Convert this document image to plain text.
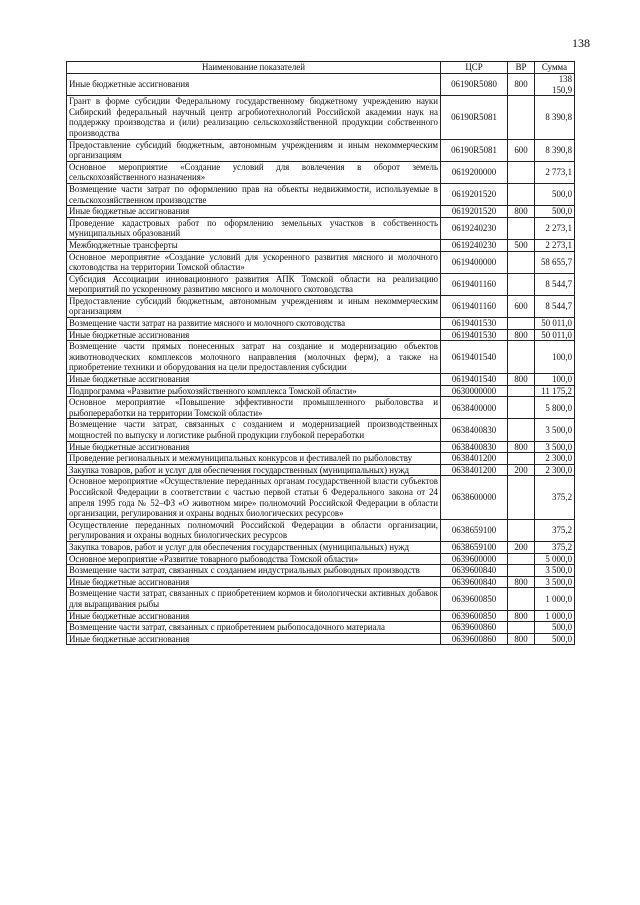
138
Наименование показателей	ЦСР	ВР	Сумма
Иные бюджетные ассигнования	06190R5080	800	138 150,9
Грант в форме субсидии Федеральному государственному бюджетному учреждению науки Сибирский федеральный научный центр агробиотехнологий Российской академии наук на поддержку производства и (или) реализацию сельскохозяйственной продукции собственного производства	06190R5081		8 390,8
Предоставление субсидий бюджетным, автономным учреждениям и иным некоммерческим организациям	06190R5081	600	8 390,8
Основное мероприятие «Создание условий для вовлечения в оборот земель сельскохозяйственного назначения»	0619200000		2 773,1
Возмещение части затрат по оформлению прав на объекты недвижимости, используемые в сельскохозяйственном производстве	0619201520		500,0
Иные бюджетные ассигнования	0619201520	800	500,0
Проведение кадастровых работ по оформлению земельных участков в собственность муниципальных образований	0619240230		2 273,1
Межбюджетные трансферты	0619240230	500	2 273,1
Основное мероприятие «Создание условий для ускоренного развития мясного и молочного скотоводства на территории Томской области»	0619400000		58 655,7
Субсидия Ассоциации инновационного развития АПК Томской области на реализацию мероприятий по ускоренному развитию мясного и молочного скотоводства	0619401160		8 544,7
Предоставление субсидий бюджетным, автономным учреждениям и иным некоммерческим организациям	0619401160	600	8 544,7
Возмещение части затрат на развитие мясного и молочного скотоводства	0619401530		50 011,0
Иные бюджетные ассигнования	0619401530	800	50 011,0
Возмещение части прямых понесенных затрат на создание и модернизацию объектов животноводческих комплексов молочного направления (молочных ферм), а также на приобретение техники и оборудования на цели предоставления субсидии	0619401540		100,0
Иные бюджетные ассигнования	0619401540	800	100,0
Подпрограмма «Развитие рыбохозяйственного комплекса Томской области»	0630000000		11 175,2
Основное мероприятие «Повышение эффективности промышленного рыболовства и рыбопереработки на территории Томской области»	0638400000		5 800,0
Возмещение части затрат, связанных с созданием и модернизацией производственных мощностей по выпуску и логистике рыбной продукции глубокой переработки	0638400830		3 500,0
Иные бюджетные ассигнования	0638400830	800	3 500,0
Проведение региональных и межмуниципальных конкурсов и фестивалей по рыболовству	0638401200		2 300,0
Закупка товаров, работ и услуг для обеспечения государственных (муниципальных) нужд	0638401200	200	2 300,0
Основное мероприятие «Осуществление переданных органам государственной власти субъектов Российской Федерации в соответствии с частью первой статьи 6 Федерального закона от 24 апреля 1995 года № 52–ФЗ «О животном мире» полномочий Российской Федерации в области организации, регулирования и охраны водных биологических ресурсов»	0638600000		375,2
Осуществление переданных полномочий Российской Федерации в области организации, регулирования и охраны водных биологических ресурсов	0638659100		375,2
Закупка товаров, работ и услуг для обеспечения государственных (муниципальных) нужд	0638659100	200	375,2
Основное мероприятие «Развитие товарного рыбоводства Томской области»	0639600000		5 000,0
Возмещение части затрат, связанных с созданием индустриальных рыбоводных производств	0639600840		3 500,0
Иные бюджетные ассигнования	0639600840	800	3 500,0
Возмещение части затрат, связанных с приобретением кормов и биологически активных добавок для выращивания рыбы	0639600850		1 000,0
Иные бюджетные ассигнования	0639600850	800	1 000,0
Возмещение части затрат, связанных с приобретением рыбопосадочного материала	0639600860		500,0
Иные бюджетные ассигнования	0639600860	800	500,0
